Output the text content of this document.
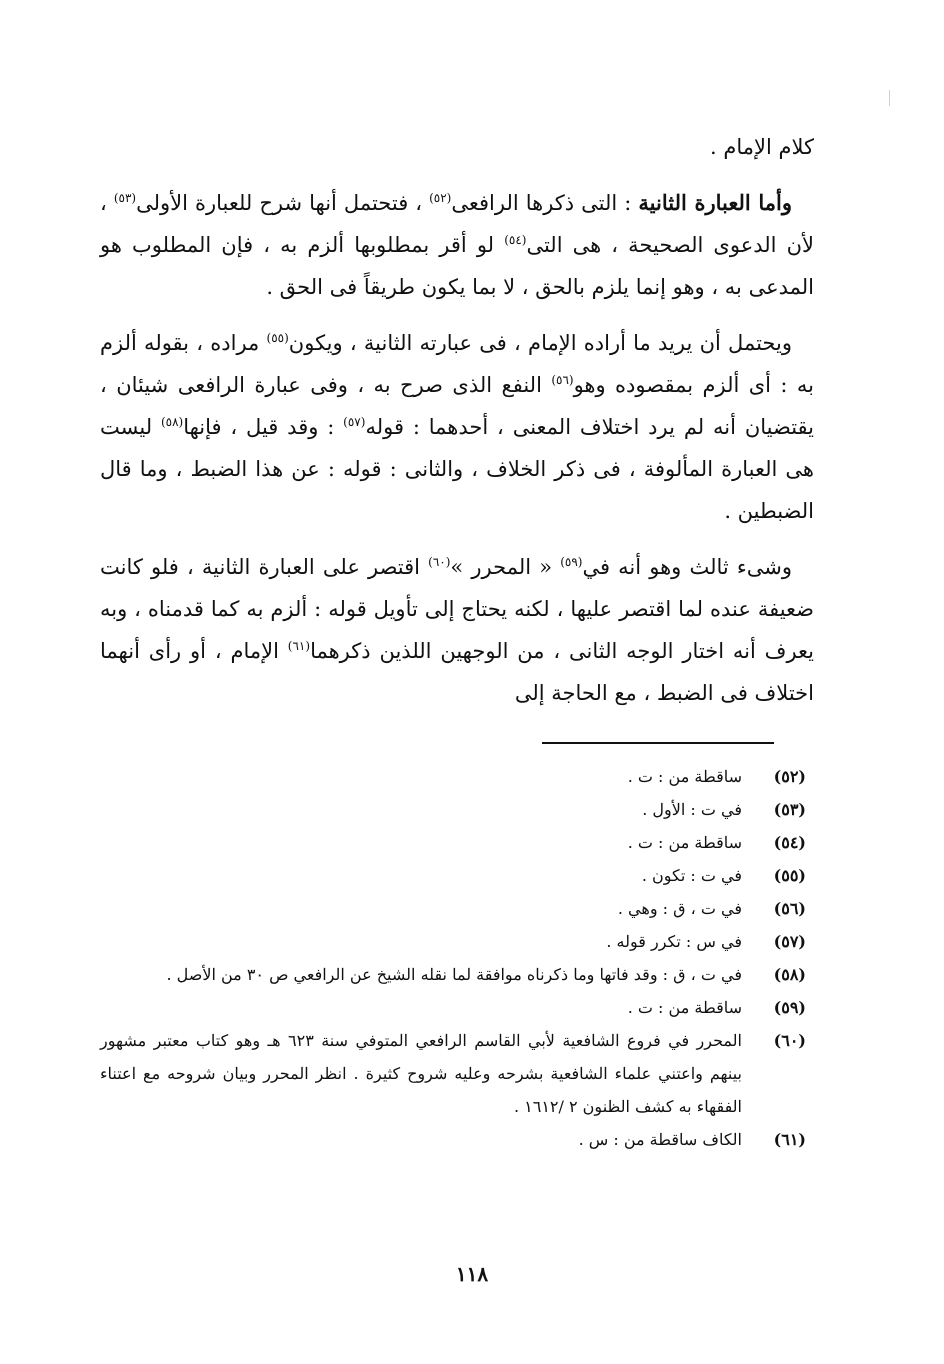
كلام الإمام .

وأما العبارة الثانية : التى ذكرها الرافعى$^{(٥٢)}$ ، فتحتمل أنها شرح للعبارة الأولى$^{(٥٣)}$ ، لأن الدعوى الصحيحة ، هى التى$^{(٥٤)}$ لو أقر بمطلوبها ألزم به ، فإن المطلوب هو المدعى به ، وهو إنما يلزم بالحق ، لا بما يكون طريقاً فى الحق .

ويحتمل أن يريد ما أراده الإمام ، فى عبارته الثانية ، ويكون$^{(٥٥)}$ مراده ، بقوله ألزم به : أى ألزم بمقصوده وهو$^{(٥٦)}$ النفع الذى صرح به ، وفى عبارة الرافعى شيئان ، يقتضيان أنه لم يرد اختلاف المعنى ، أحدهما : قوله$^{(٥٧)}$ : وقد قيل ، فإنها$^{(٥٨)}$ ليست هى العبارة المألوفة ، فى ذكر الخلاف ، والثانى : قوله : عن هذا الضبط ، وما قال الضبطين .

وشىء ثالث وهو أنه في$^{(٥٩)}$ « المحرر »$^{(٦٠)}$ اقتصر على العبارة الثانية ، فلو كانت ضعيفة عنده لما اقتصر عليها ، لكنه يحتاج إلى تأويل قوله : ألزم به كما قدمناه ، وبه يعرف أنه اختار الوجه الثانى ، من الوجهين اللذين ذكرهما$^{(٦١)}$ الإمام ، أو رأى أنهما اختلاف فى الضبط ، مع الحاجة إلى

(٥٢)
ساقطة من : ت .
(٥٣)
في ت : الأول .
(٥٤)
ساقطة من : ت .
(٥٥)
في ت : تكون .
(٥٦)
في ت ، ق : وهي .
(٥٧)
في س : تكرر قوله .
(٥٨)
في ت ، ق : وقد فاتها وما ذكرناه موافقة لما نقله الشيخ عن الرافعي ص ٣٠ من الأصل .
(٥٩)
ساقطة من : ت .
(٦٠)
المحرر في فروع الشافعية لأبي القاسم الرافعي المتوفي سنة ٦٢٣ هـ وهو كتاب معتبر مشهور بينهم واعتني علماء الشافعية بشرحه وعليه شروح كثيرة . انظر المحرر وبيان شروحه مع اعتناء الفقهاء به كشف الظنون ٢ /١٦١٢ .
(٦١)
الكاف ساقطة من : س .
١١٨
